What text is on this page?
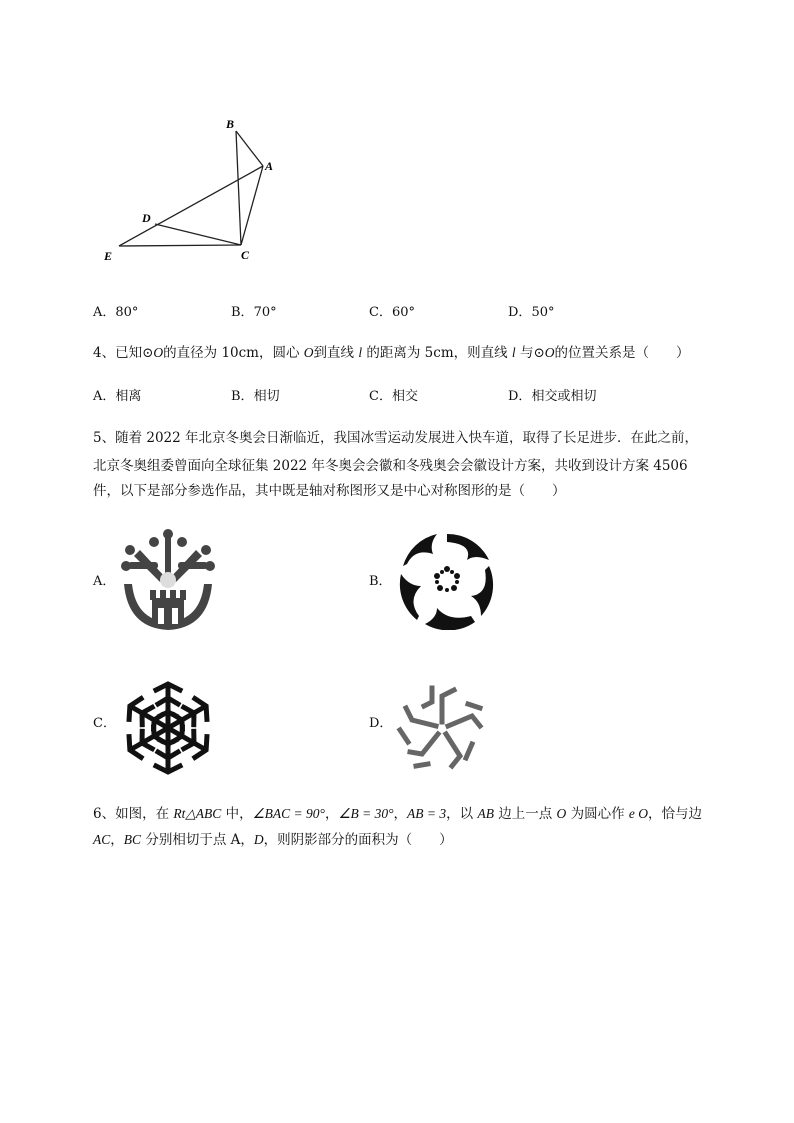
B
A
D
E	C
A．80°	B．70°	C．60°	D．50°
4、已知⊙O的直径为 10cm，圆心 O到直线 l 的距离为 5cm，则直线 l 与⊙O的位置关系是（　　）
A．相离	B．相切	C．相交	D．相交或相切
5、随着 2022 年北京冬奥会日渐临近，我国冰雪运动发展进入快车道，取得了长足进步．在此之前，
北京冬奥组委曾面向全球征集 2022 年冬奥会会徽和冬残奥会会徽设计方案，共收到设计方案 4506
件，以下是部分参选作品，其中既是轴对称图形又是中心对称图形的是（　　）
A．	B．
C．	D．
6、如图，在 Rt△ABC 中，∠BAC = 90°，∠B = 30°，AB = 3，以 AB 边上一点 O 为圆心作 e O，恰与边
AC，BC 分别相切于点 A，D，则阴影部分的面积为（　　）
